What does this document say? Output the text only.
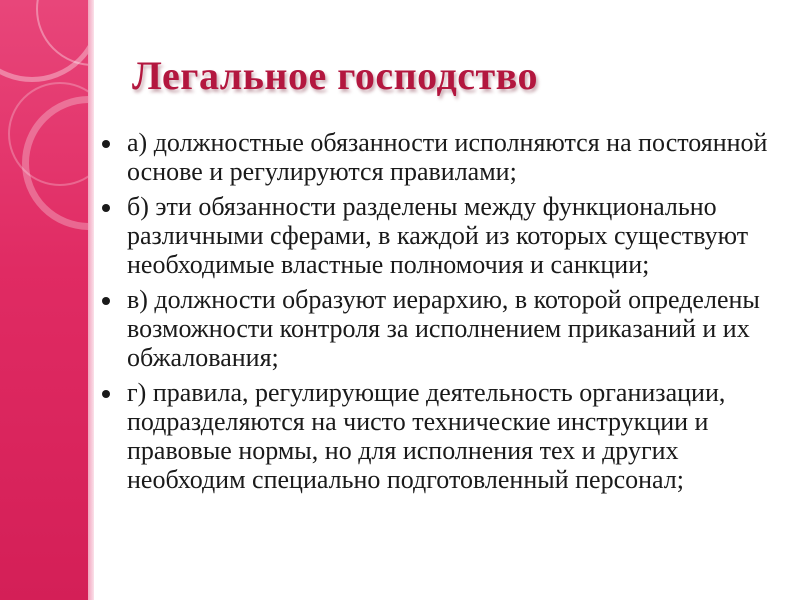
Легальное господство
а) должностные обязанности исполняются на постоянной основе и регулируются правилами;
б) эти обязанности разделены между функционально различными сферами, в каждой из которых существуют необходимые властные полномочия и санкции;
в) должности образуют иерархию, в которой определены возможности контроля за исполнением приказаний и их обжалования;
г) правила, регулирующие деятельность организации, подразделяются на чисто технические инструкции и правовые нормы, но для исполнения тех и других необходим специально подготовленный персонал;
